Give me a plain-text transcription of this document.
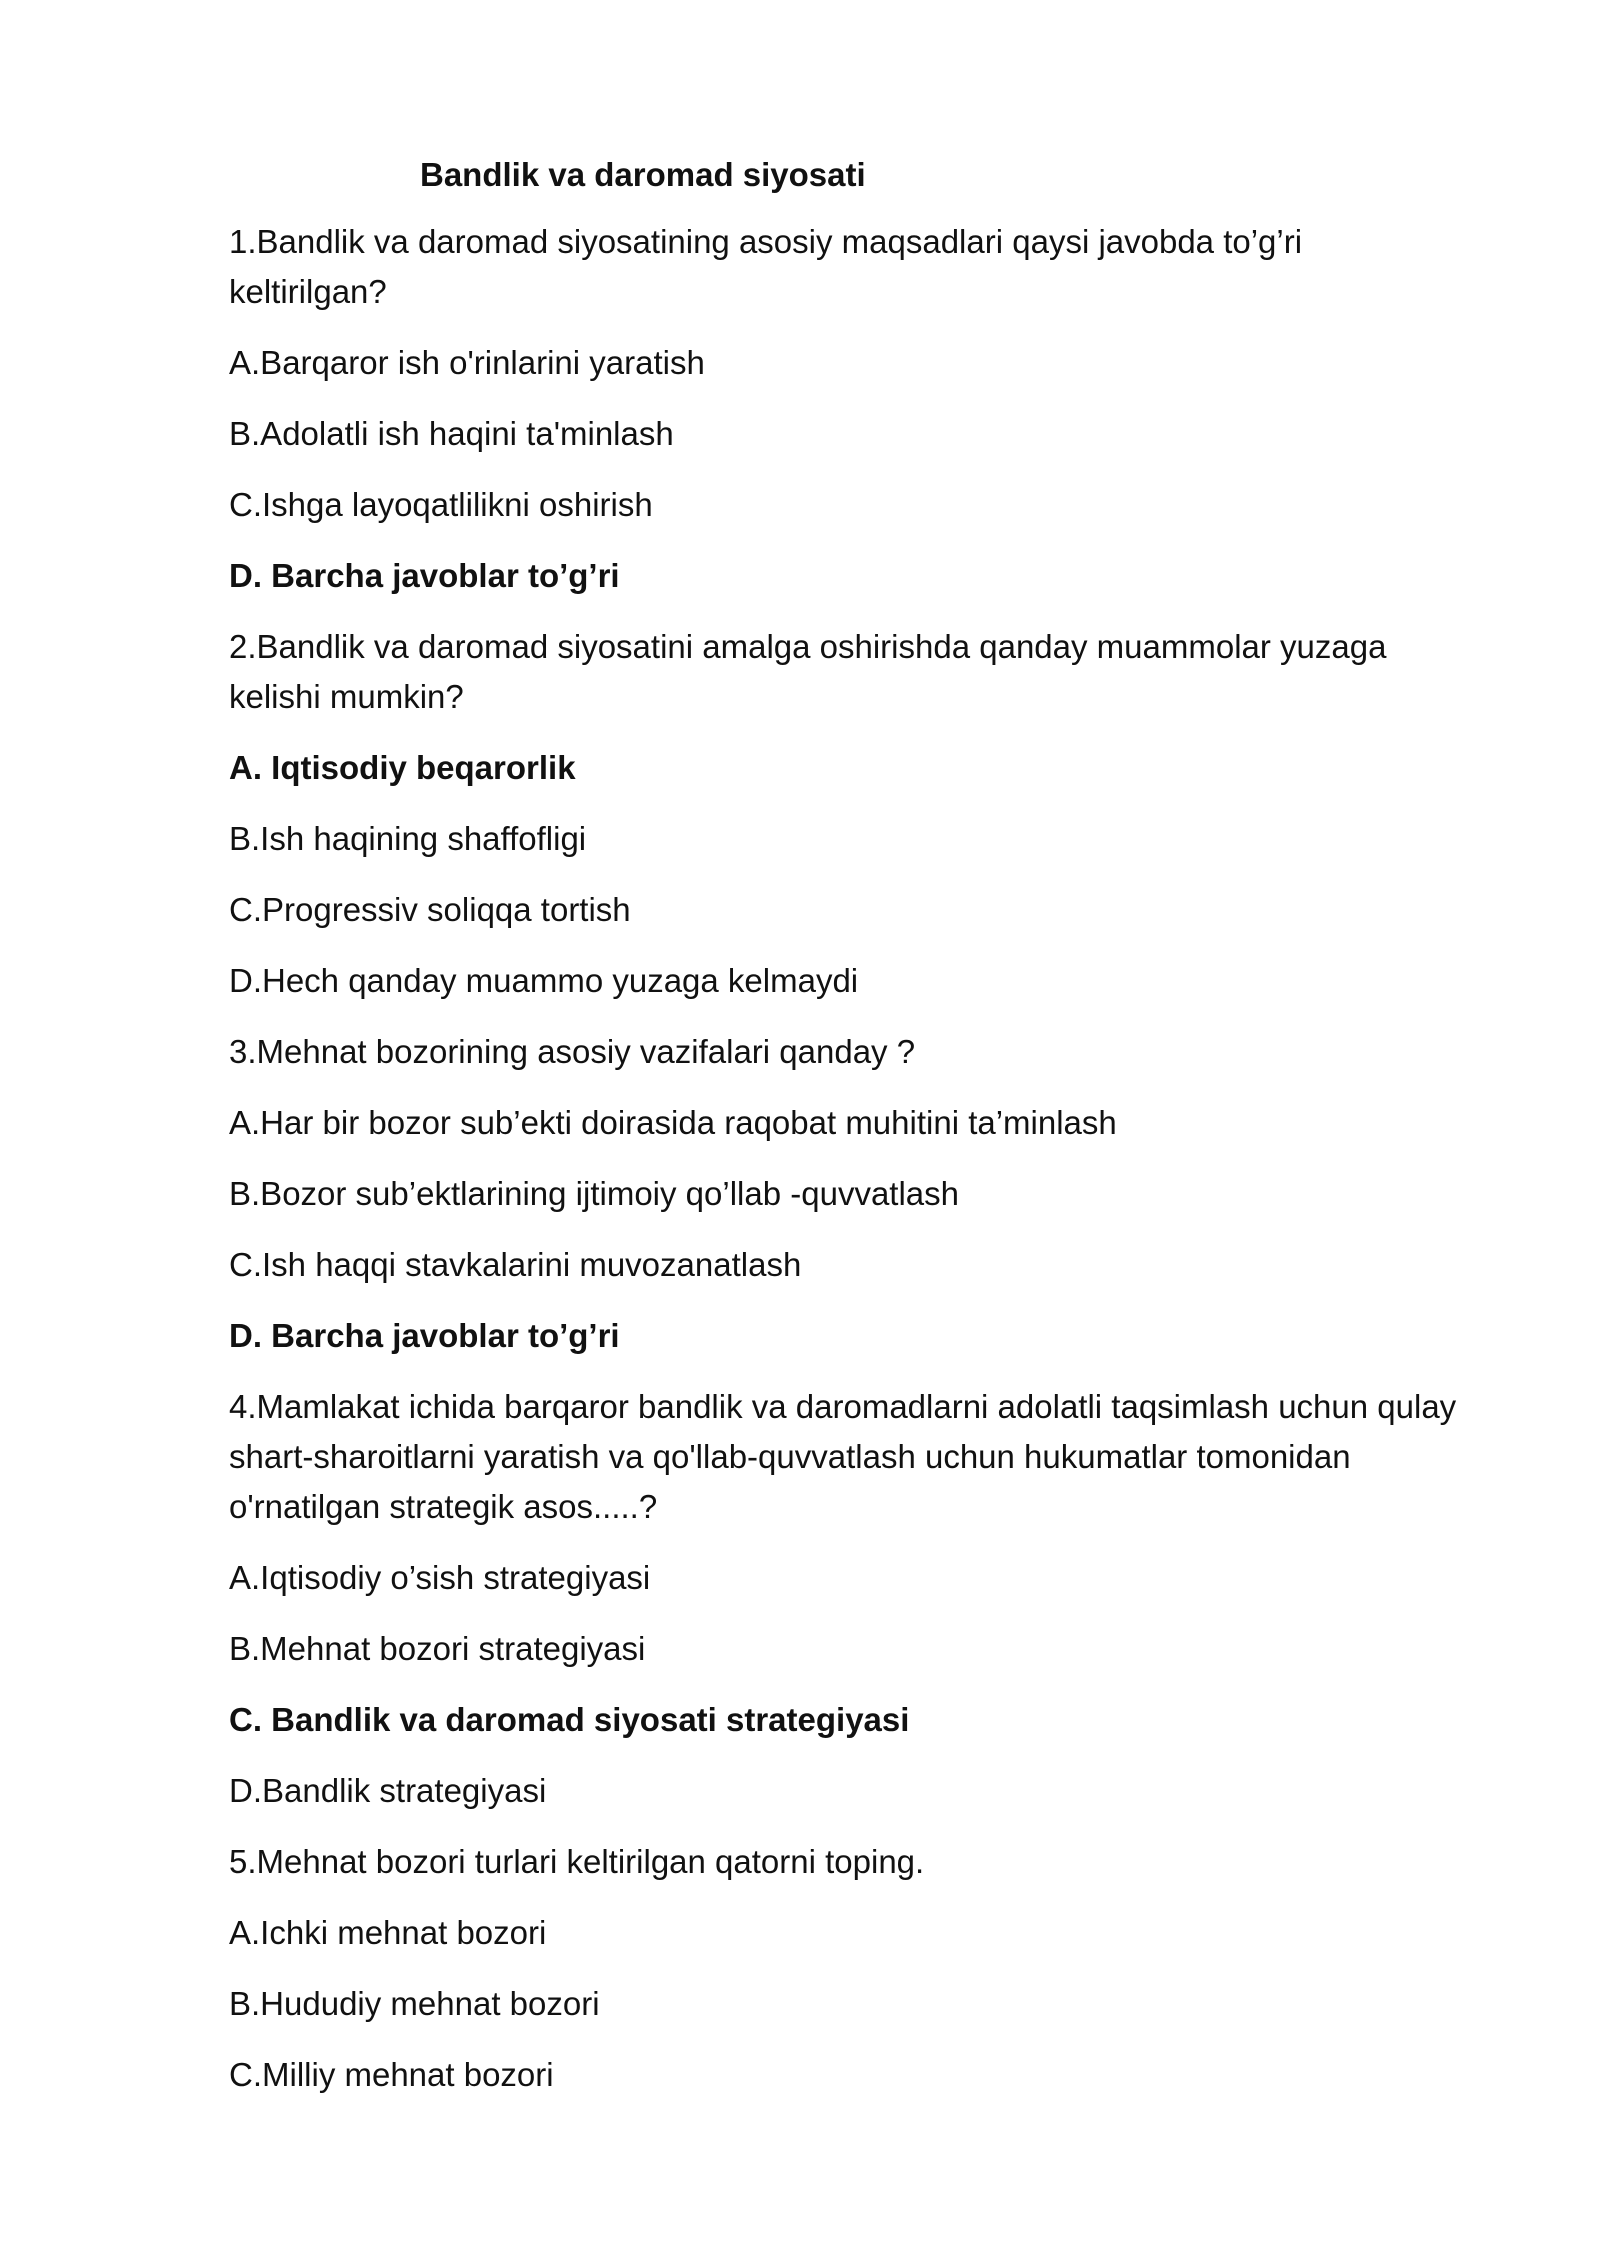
Bandlik va daromad siyosati
1.Bandlik va daromad siyosatining asosiy maqsadlari qaysi javobda to’g’ri keltirilgan?
A.Barqaror ish o'rinlarini yaratish
B.Adolatli ish haqini ta'minlash
C.Ishga layoqatlilikni oshirish
D. Barcha javoblar to’g’ri
2.Bandlik va daromad siyosatini amalga oshirishda qanday muammolar yuzaga kelishi mumkin?
A. Iqtisodiy beqarorlik
B.Ish haqining shaffofligi
C.Progressiv soliqqa tortish
D.Hech qanday muammo yuzaga kelmaydi
3.Mehnat bozorining asosiy vazifalari qanday ?
A.Har bir bozor sub’ekti doirasida raqobat muhitini ta’minlash
B.Bozor sub’ektlarining ijtimoiy qo’llab -quvvatlash
C.Ish haqqi stavkalarini muvozanatlash
D. Barcha javoblar to’g’ri
4.Mamlakat ichida barqaror bandlik va daromadlarni adolatli taqsimlash uchun qulay shart-sharoitlarni yaratish va qo'llab-quvvatlash uchun hukumatlar tomonidan o'rnatilgan strategik asos.....?
A.Iqtisodiy o’sish strategiyasi
B.Mehnat bozori strategiyasi
C. Bandlik va daromad siyosati strategiyasi
D.Bandlik strategiyasi
5.Mehnat bozori turlari keltirilgan qatorni toping.
A.Ichki mehnat bozori
B.Hududiy mehnat bozori
C.Milliy mehnat bozori
